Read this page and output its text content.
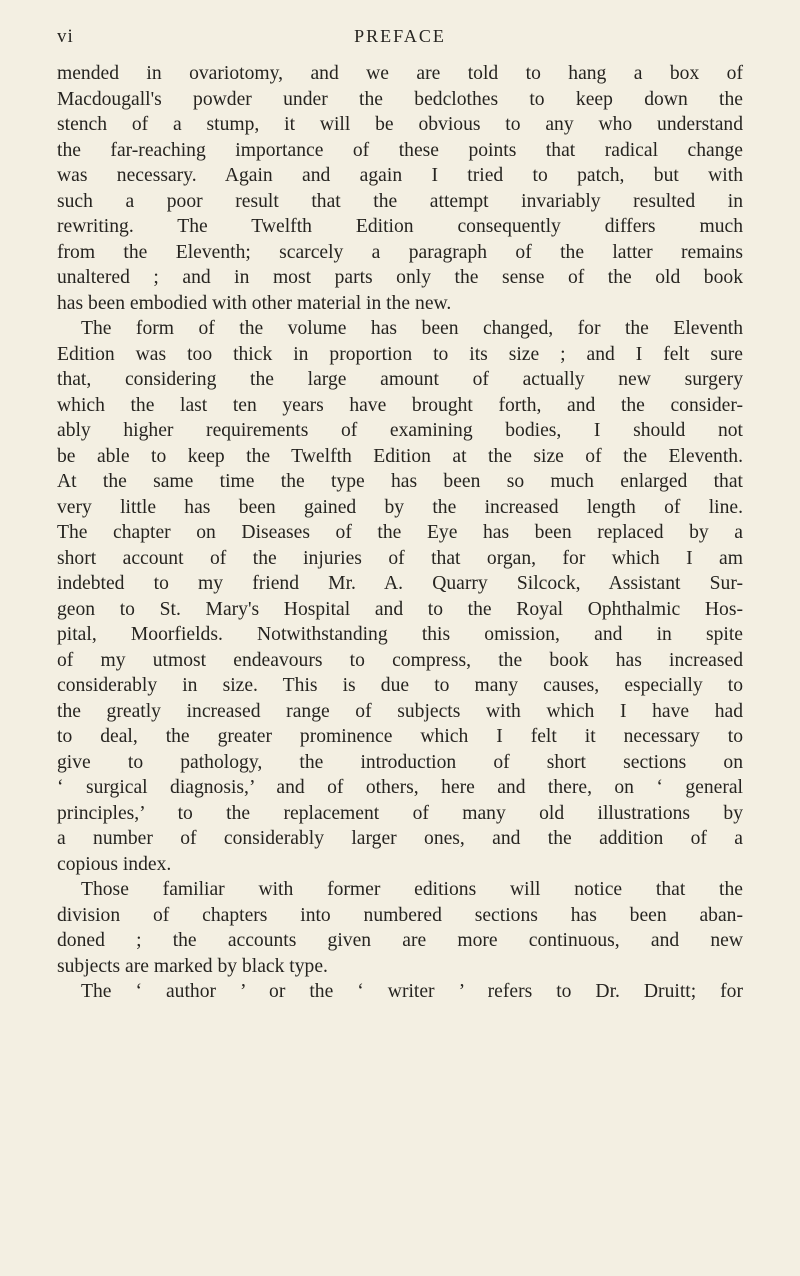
vi	PREFACE
mended in ovariotomy, and we are told to hang a box of
Macdougall's powder under the bedclothes to keep down the
stench of a stump, it will be obvious to any who understand
the far-reaching importance of these points that radical change
was necessary. Again and again I tried to patch, but with
such a poor result that the attempt invariably resulted in
rewriting. The Twelfth Edition consequently differs much
from the Eleventh; scarcely a paragraph of the latter remains
unaltered ; and in most parts only the sense of the old book
has been embodied with other material in the new.
The form of the volume has been changed, for the Eleventh
Edition was too thick in proportion to its size ; and I felt sure
that, considering the large amount of actually new surgery
which the last ten years have brought forth, and the consider-
ably higher requirements of examining bodies, I should not
be able to keep the Twelfth Edition at the size of the Eleventh.
At the same time the type has been so much enlarged that
very little has been gained by the increased length of line.
The chapter on Diseases of the Eye has been replaced by a
short account of the injuries of that organ, for which I am
indebted to my friend Mr. A. Quarry Silcock, Assistant Sur-
geon to St. Mary's Hospital and to the Royal Ophthalmic Hos-
pital, Moorfields. Notwithstanding this omission, and in spite
of my utmost endeavours to compress, the book has increased
considerably in size. This is due to many causes, especially to
the greatly increased range of subjects with which I have had
to deal, the greater prominence which I felt it necessary to
give to pathology, the introduction of short sections on
‘ surgical diagnosis,’ and of others, here and there, on ‘ general
principles,’ to the replacement of many old illustrations by
a number of considerably larger ones, and the addition of a
copious index.
Those familiar with former editions will notice that the
division of chapters into numbered sections has been aban-
doned ; the accounts given are more continuous, and new
subjects are marked by black type.
The ‘ author ’ or the ‘ writer ’ refers to Dr. Druitt; for
